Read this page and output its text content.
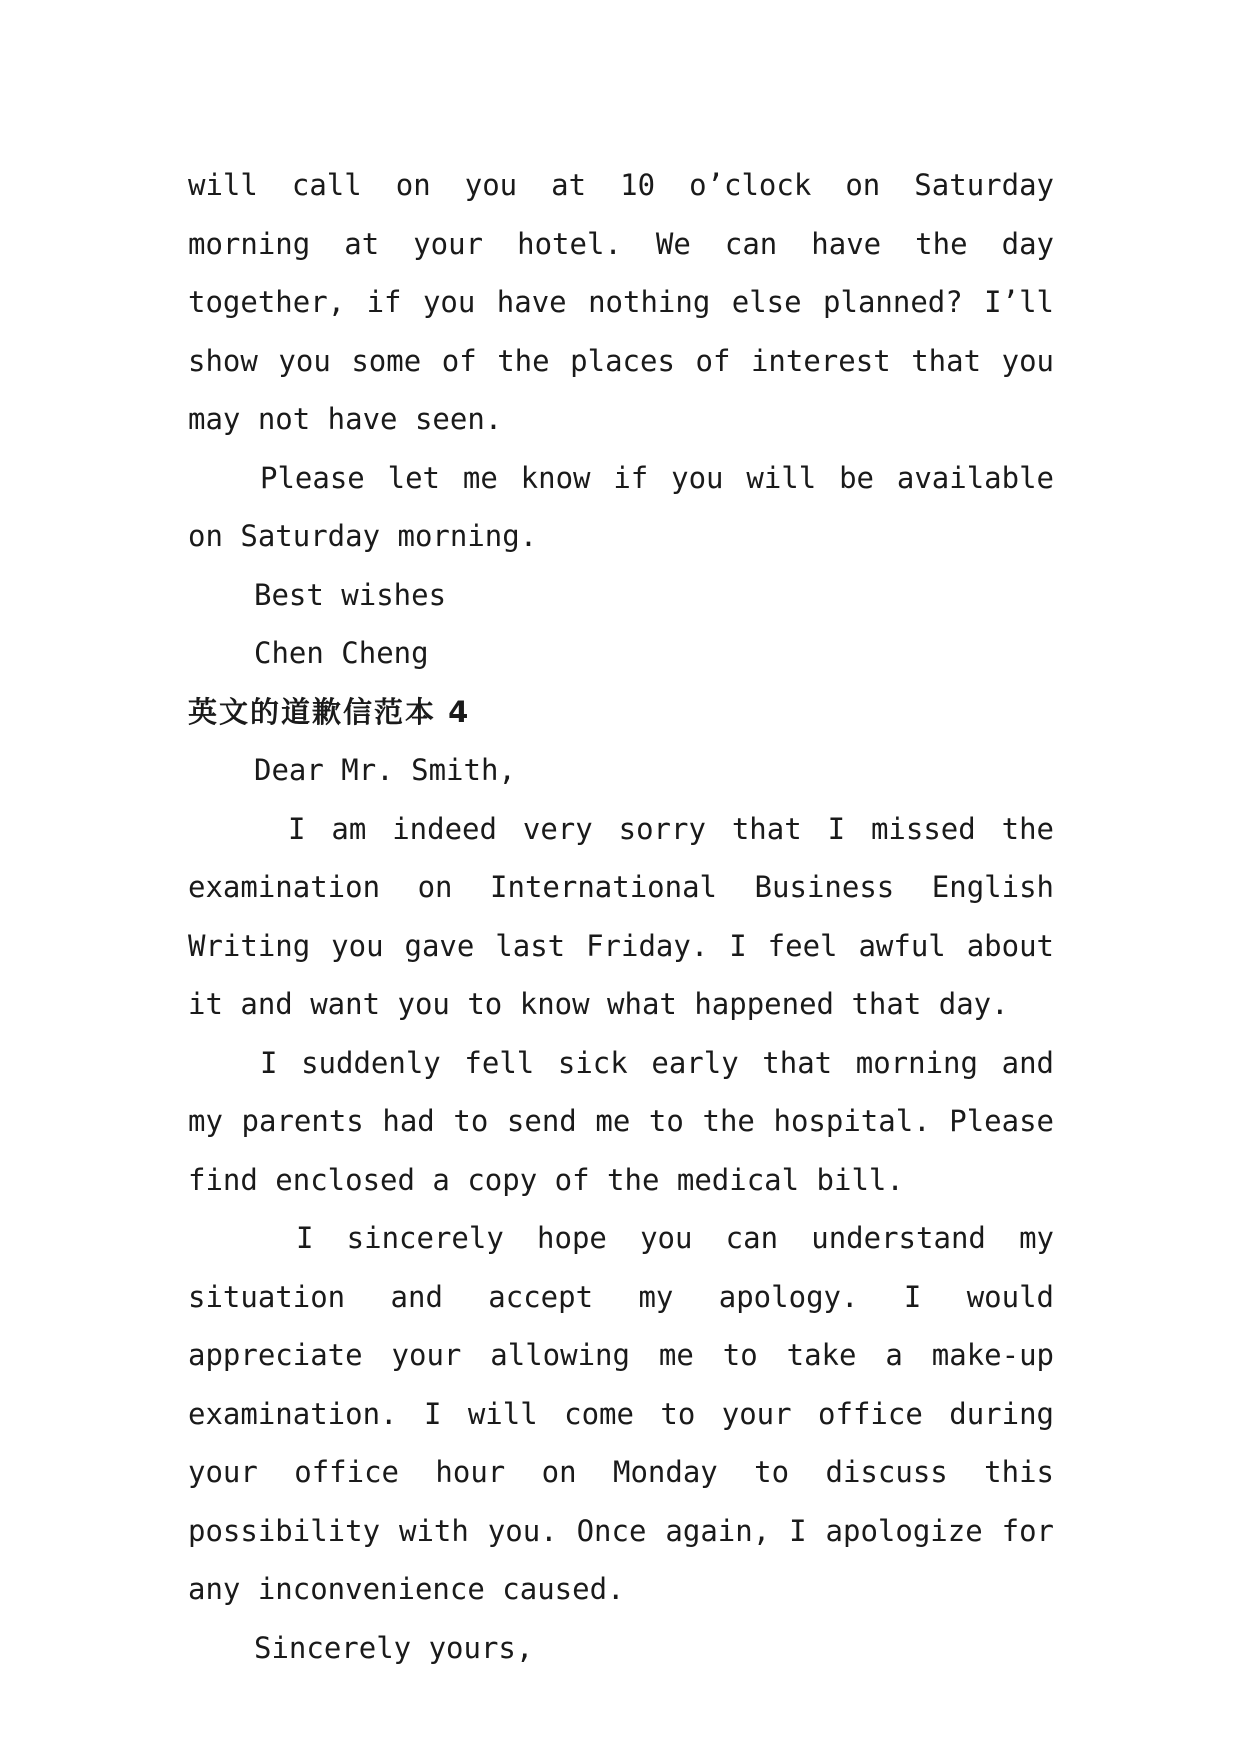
will call on you at 10 o’clock on Saturday morning at your hotel. We can have the day together, if you have nothing else planned? I’ll show you some of the places of interest that you may not have seen.

Please let me know if you will be available on Saturday morning.

Best wishes

Chen Cheng

英文的道歉信范本 4

Dear Mr. Smith,

I am indeed very sorry that I missed the examination on International Business English Writing you gave last Friday. I feel awful about it and want you to know what happened that day.

I suddenly fell sick early that morning and my parents had to send me to the hospital. Please find enclosed a copy of the medical bill.

I sincerely hope you can understand my situation and accept my apology. I would appreciate your allowing me to take a make-up examination. I will come to your office during your office hour on Monday to discuss this possibility with you. Once again, I apologize for any inconvenience caused.

Sincerely yours,
